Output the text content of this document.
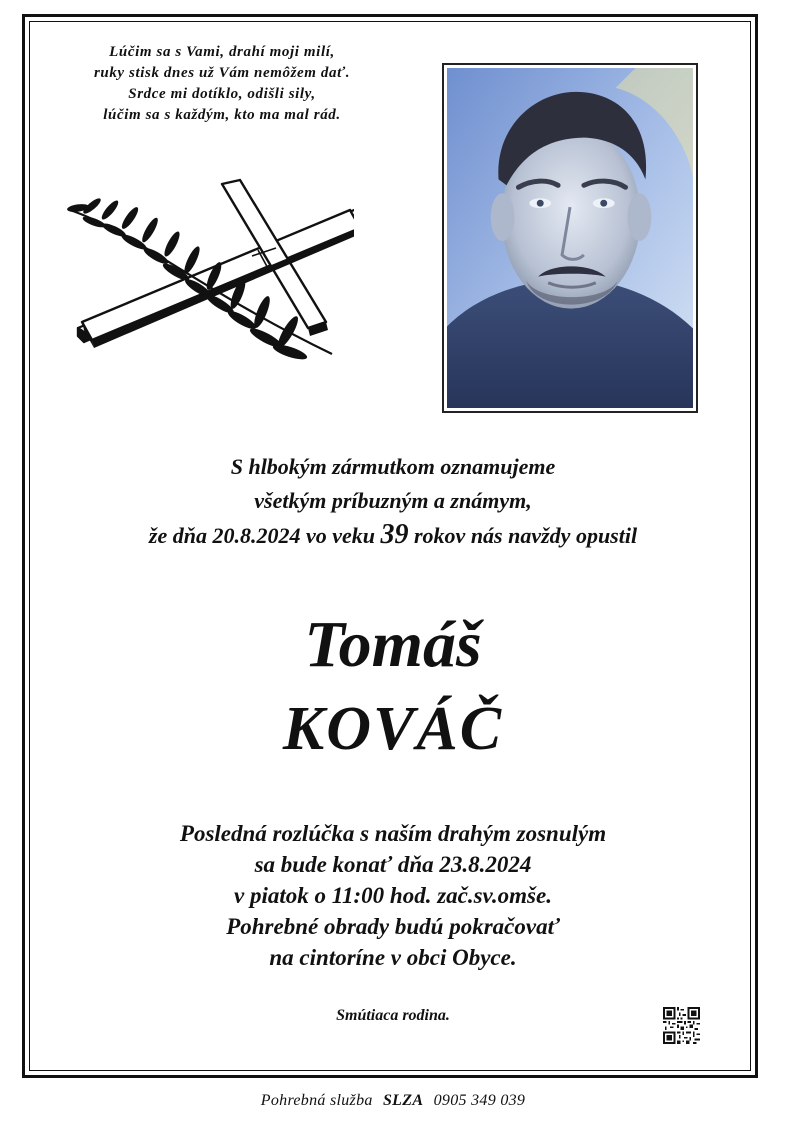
Lúčim sa s Vami, drahí moji milí,
ruky stisk dnes už Vám nemôžem dať.
Srdce mi dotíklo, odišli sily,
lúčim sa s každým, kto ma mal rád.
S hlbokým zármutkom oznamujeme
všetkým príbuzným a známym,
že dňa 20.8.2024 vo veku 39 rokov nás navždy opustil
Tomáš
KOVÁČ
Posledná rozlúčka s naším drahým zosnulým
sa bude konať dňa 23.8.2024
v piatok o 11:00 hod. zač.sv.omše.
Pohrebné obrady budú pokračovať
na cintoríne v obci Obyce.
Smútiaca rodina.
Pohrebná služba SLZA 0905 349 039
